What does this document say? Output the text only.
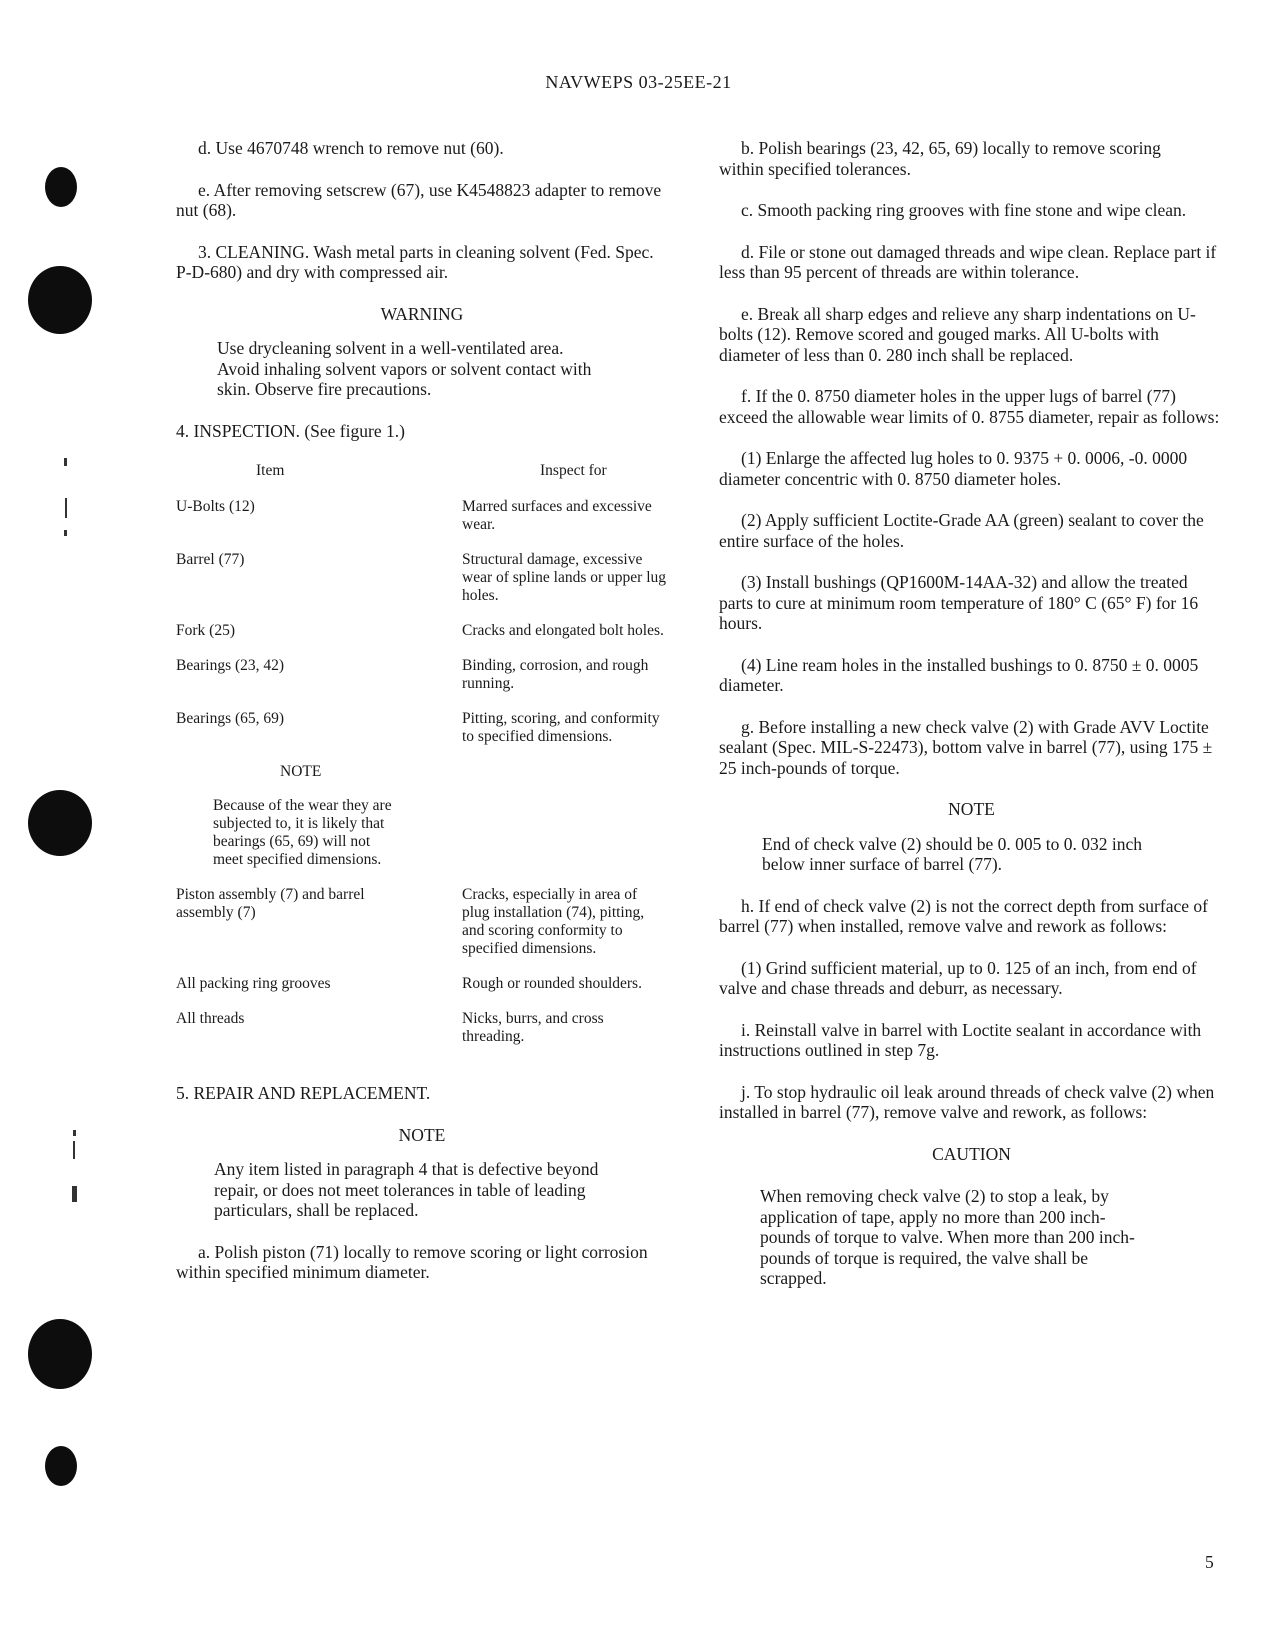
NAVWEPS 03-25EE-21

d. Use 4670748 wrench to remove nut (60).

e. After removing setscrew (67), use K4548823 adapter to remove nut (68).

3. CLEANING. Wash metal parts in cleaning solvent (Fed. Spec. P-D-680) and dry with compressed air.

WARNING

Use drycleaning solvent in a well-ventilated area. Avoid inhaling solvent vapors or solvent contact with skin. Observe fire precautions.

4. INSPECTION. (See figure 1.)

Item	Inspect for
U-Bolts (12)	Marred surfaces and excessive wear.
Barrel (77)	Structural damage, excessive wear of spline lands or upper lug holes.
Fork (25)	Cracks and elongated bolt holes.
Bearings (23, 42)	Binding, corrosion, and rough running.
Bearings (65, 69)	Pitting, scoring, and conformity to specified dimensions.

NOTE
Because of the wear they are subjected to, it is likely that bearings (65, 69) will not meet specified dimensions.	

Piston assembly (7) and barrel assembly (7)	Cracks, especially in area of plug installation (74), pitting, and scoring conformity to specified dimensions.
All packing ring grooves	Rough or rounded shoulders.
All threads	Nicks, burrs, and cross threading.

5. REPAIR AND REPLACEMENT.

NOTE

Any item listed in paragraph 4 that is defective beyond repair, or does not meet tolerances in table of leading particulars, shall be replaced.

a. Polish piston (71) locally to remove scoring or light corrosion within specified minimum diameter.

b. Polish bearings (23, 42, 65, 69) locally to remove scoring within specified tolerances.

c. Smooth packing ring grooves with fine stone and wipe clean.

d. File or stone out damaged threads and wipe clean. Replace part if less than 95 percent of threads are within tolerance.

e. Break all sharp edges and relieve any sharp indentations on U-bolts (12). Remove scored and gouged marks. All U-bolts with diameter of less than 0. 280 inch shall be replaced.

f. If the 0. 8750 diameter holes in the upper lugs of barrel (77) exceed the allowable wear limits of 0. 8755 diameter, repair as follows:

(1) Enlarge the affected lug holes to 0. 9375 + 0. 0006, -0. 0000 diameter concentric with 0. 8750 diameter holes.

(2) Apply sufficient Loctite-Grade AA (green) sealant to cover the entire surface of the holes.

(3) Install bushings (QP1600M-14AA-32) and allow the treated parts to cure at minimum room temperature of 180° C (65° F) for 16 hours.

(4) Line ream holes in the installed bushings to 0. 8750 ± 0. 0005 diameter.

g. Before installing a new check valve (2) with Grade AVV Loctite sealant (Spec. MIL-S-22473), bottom valve in barrel (77), using 175 ± 25 inch-pounds of torque.

NOTE

End of check valve (2) should be 0. 005 to 0. 032 inch below inner surface of barrel (77).

h. If end of check valve (2) is not the correct depth from surface of barrel (77) when installed, remove valve and rework as follows:

(1) Grind sufficient material, up to 0. 125 of an inch, from end of valve and chase threads and deburr, as necessary.

i. Reinstall valve in barrel with Loctite sealant in accordance with instructions outlined in step 7g.

j. To stop hydraulic oil leak around threads of check valve (2) when installed in barrel (77), remove valve and rework, as follows:

CAUTION

When removing check valve (2) to stop a leak, by application of tape, apply no more than 200 inch-pounds of torque to valve. When more than 200 inch-pounds of torque is required, the valve shall be scrapped.

5
